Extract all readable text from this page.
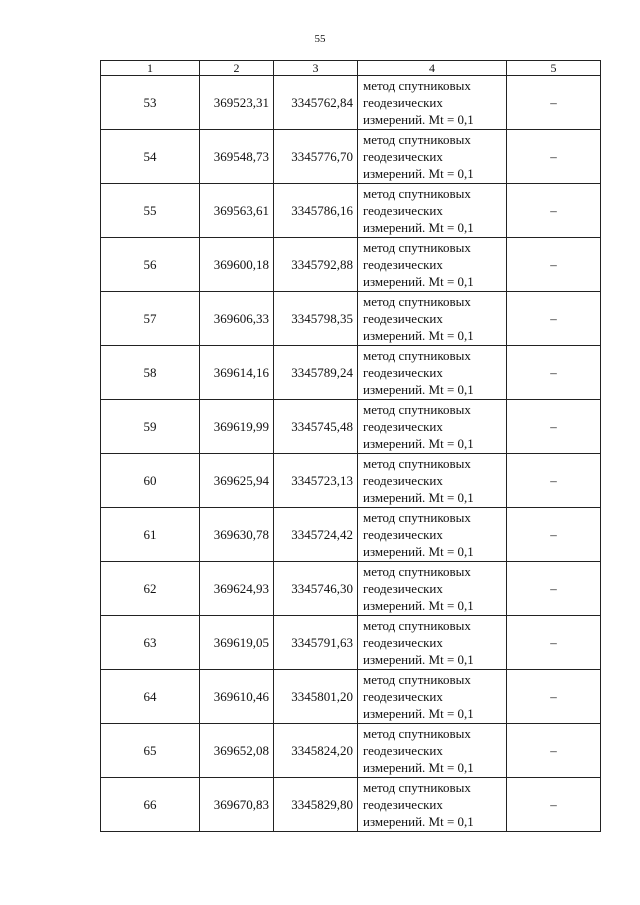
55
1	2	3	4	5
53	369523,31	3345762,84	метод спутниковых
геодезических
измерений. Mt = 0,1	–
54	369548,73	3345776,70	метод спутниковых
геодезических
измерений. Mt = 0,1	–
55	369563,61	3345786,16	метод спутниковых
геодезических
измерений. Mt = 0,1	–
56	369600,18	3345792,88	метод спутниковых
геодезических
измерений. Mt = 0,1	–
57	369606,33	3345798,35	метод спутниковых
геодезических
измерений. Mt = 0,1	–
58	369614,16	3345789,24	метод спутниковых
геодезических
измерений. Mt = 0,1	–
59	369619,99	3345745,48	метод спутниковых
геодезических
измерений. Mt = 0,1	–
60	369625,94	3345723,13	метод спутниковых
геодезических
измерений. Mt = 0,1	–
61	369630,78	3345724,42	метод спутниковых
геодезических
измерений. Mt = 0,1	–
62	369624,93	3345746,30	метод спутниковых
геодезических
измерений. Mt = 0,1	–
63	369619,05	3345791,63	метод спутниковых
геодезических
измерений. Mt = 0,1	–
64	369610,46	3345801,20	метод спутниковых
геодезических
измерений. Mt = 0,1	–
65	369652,08	3345824,20	метод спутниковых
геодезических
измерений. Mt = 0,1	–
66	369670,83	3345829,80	метод спутниковых
геодезических
измерений. Mt = 0,1	–
